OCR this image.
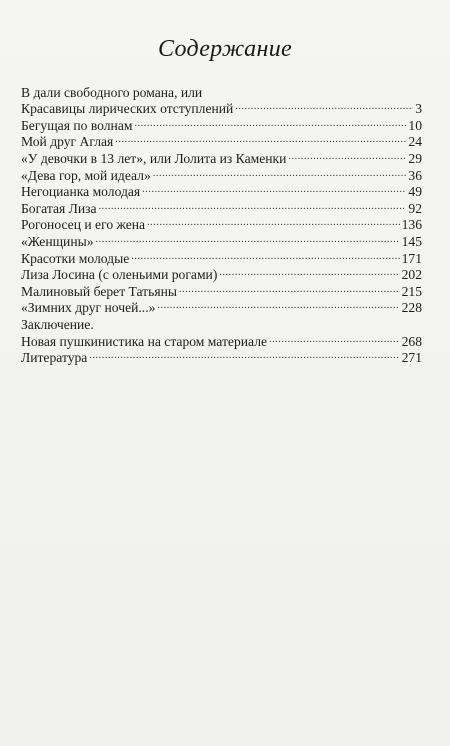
Содержание
В дали свободного романа, или
Красавицы лирических отступлений .....	3
Бегущая по волнам .....	10
Мой друг Аглая .....	24
«У девочки в 13 лет», или Лолита из Каменки .....	29
«Дева гор, мой идеал» .....	36
Негоцианка молодая .....	49
Богатая Лиза .....	92
Рогоносец и его жена .....	136
«Женщины» .....	145
Красотки молодые .....	171
Лиза Лосина (с оленьими рогами) .....	202
Малиновый берет Татьяны .....	215
«Зимних друг ночей...» .....	228
Заключение.
Новая пушкинистика на старом материале .....	268
Литература .....	271
